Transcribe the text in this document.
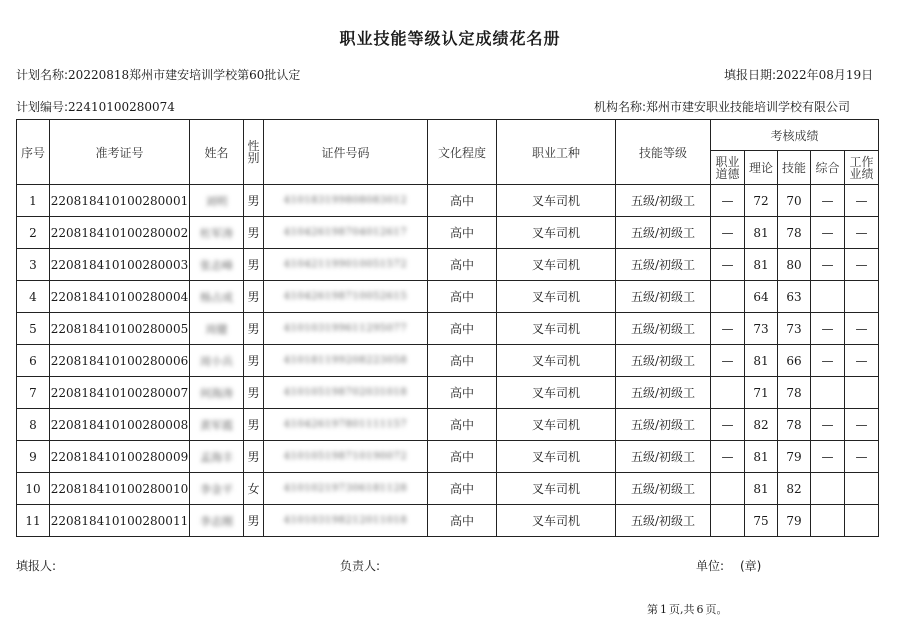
职业技能等级认定成绩花名册
计划名称:20220818郑州市建安培训学校第60批认定	填报日期:2022年08月19日
计划编号:22410100280074	机构名称:郑州市建安职业技能培训学校有限公司
序号	准考证号	姓名	性别	证件号码	文化程度	职业工种	技能等级	考核成绩				
								职业道德	理论	技能	综合	工作业绩
1	220818410100280001	刘明	男	410183199808083012	高中	叉车司机	五级/初级工	—	72	70	—	—
2	220818410100280002	杜军涛	男	410426198704012617	高中	叉车司机	五级/初级工	—	81	78	—	—
3	220818410100280003	张志峰	男	410421199010051572	高中	叉车司机	五级/初级工	—	81	80	—	—
4	220818410100280004	杨占成	男	410426198710052615	高中	叉车司机	五级/初级工		64	63		
5	220818410100280005	周健	男	410103199611295077	高中	叉车司机	五级/初级工	—	73	73	—	—
6	220818410100280006	周小兵	男	410181199208223058	高中	叉车司机	五级/初级工	—	81	66	—	—
7	220818410100280007	何海涛	男	410105198702031018	高中	叉车司机	五级/初级工		71	78		
8	220818410100280008	黄军霞	男	410426197801111157	高中	叉车司机	五级/初级工	—	82	78	—	—
9	220818410100280009	孟海丰	男	410105198710190072	高中	叉车司机	五级/初级工	—	81	79	—	—
10	220818410100280010	李金平	女	410102197306181128	高中	叉车司机	五级/初级工		81	82		
11	220818410100280011	李志刚	男	410103198212011018	高中	叉车司机	五级/初级工		75	79		
填报人:	负责人:	单位: (章)
第 1 页,共 6 页。
